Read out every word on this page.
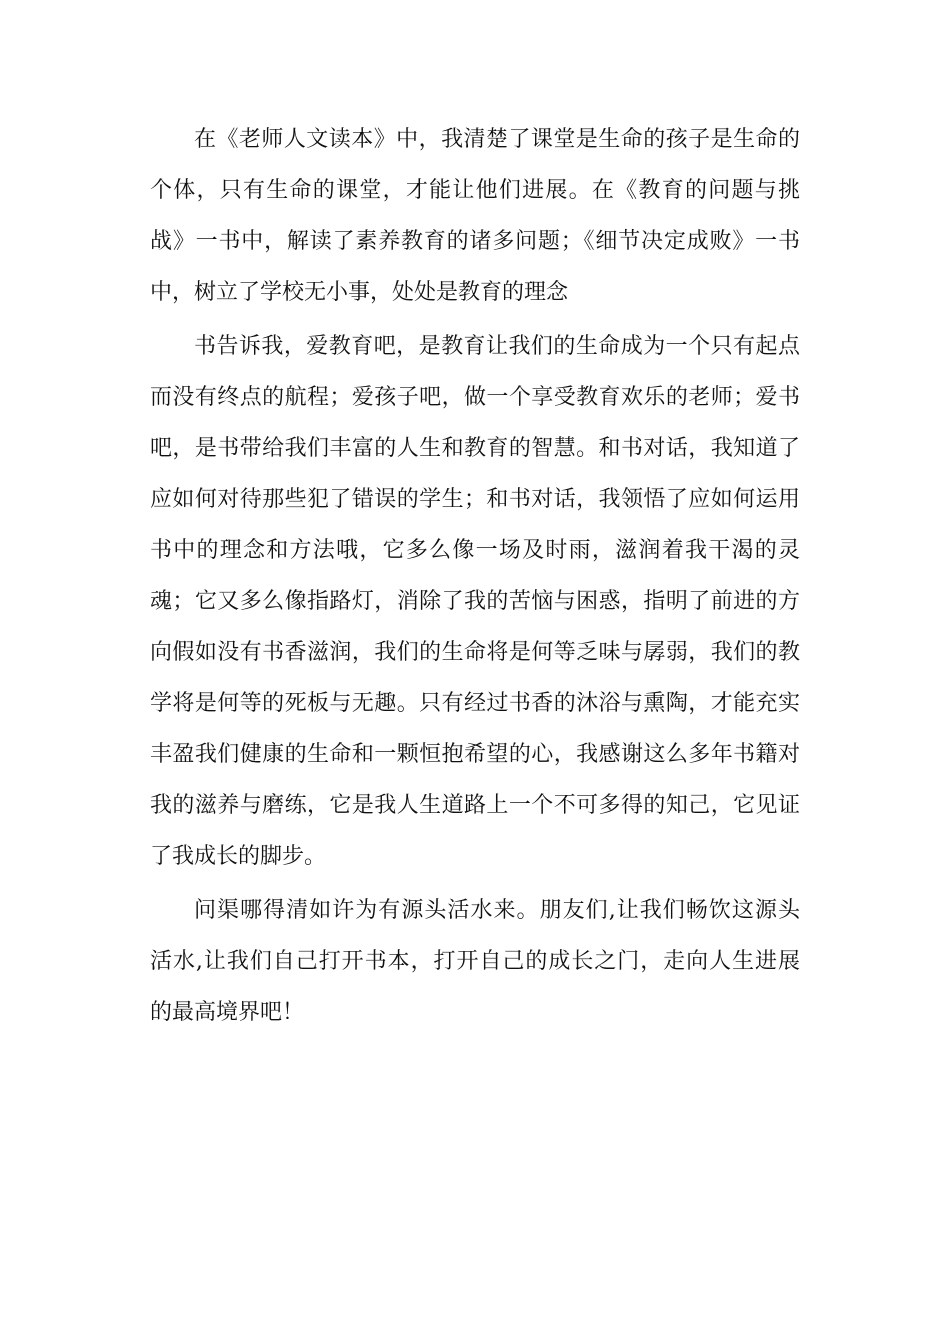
在《老师人文读本》中，我清楚了课堂是生命的孩子是生命的
个体，只有生命的课堂，才能让他们进展。在《教育的问题与挑
战》一书中，解读了素养教育的诸多问题；《细节决定成败》一书
中，树立了学校无小事，处处是教育的理念
书告诉我，爱教育吧，是教育让我们的生命成为一个只有起点
而没有终点的航程；爱孩子吧，做一个享受教育欢乐的老师；爱书
吧，是书带给我们丰富的人生和教育的智慧。和书对话，我知道了
应如何对待那些犯了错误的学生；和书对话，我领悟了应如何运用
书中的理念和方法哦，它多么像一场及时雨，滋润着我干渴的灵
魂；它又多么像指路灯，消除了我的苦恼与困惑，指明了前进的方
向假如没有书香滋润，我们的生命将是何等乏味与孱弱，我们的教
学将是何等的死板与无趣。只有经过书香的沐浴与熏陶，才能充实
丰盈我们健康的生命和一颗恒抱希望的心，我感谢这么多年书籍对
我的滋养与磨练，它是我人生道路上一个不可多得的知己，它见证
了我成长的脚步。
问渠哪得清如许为有源头活水来。朋友们,让我们畅饮这源头
活水,让我们自己打开书本，打开自己的成长之门，走向人生进展
的最高境界吧！
